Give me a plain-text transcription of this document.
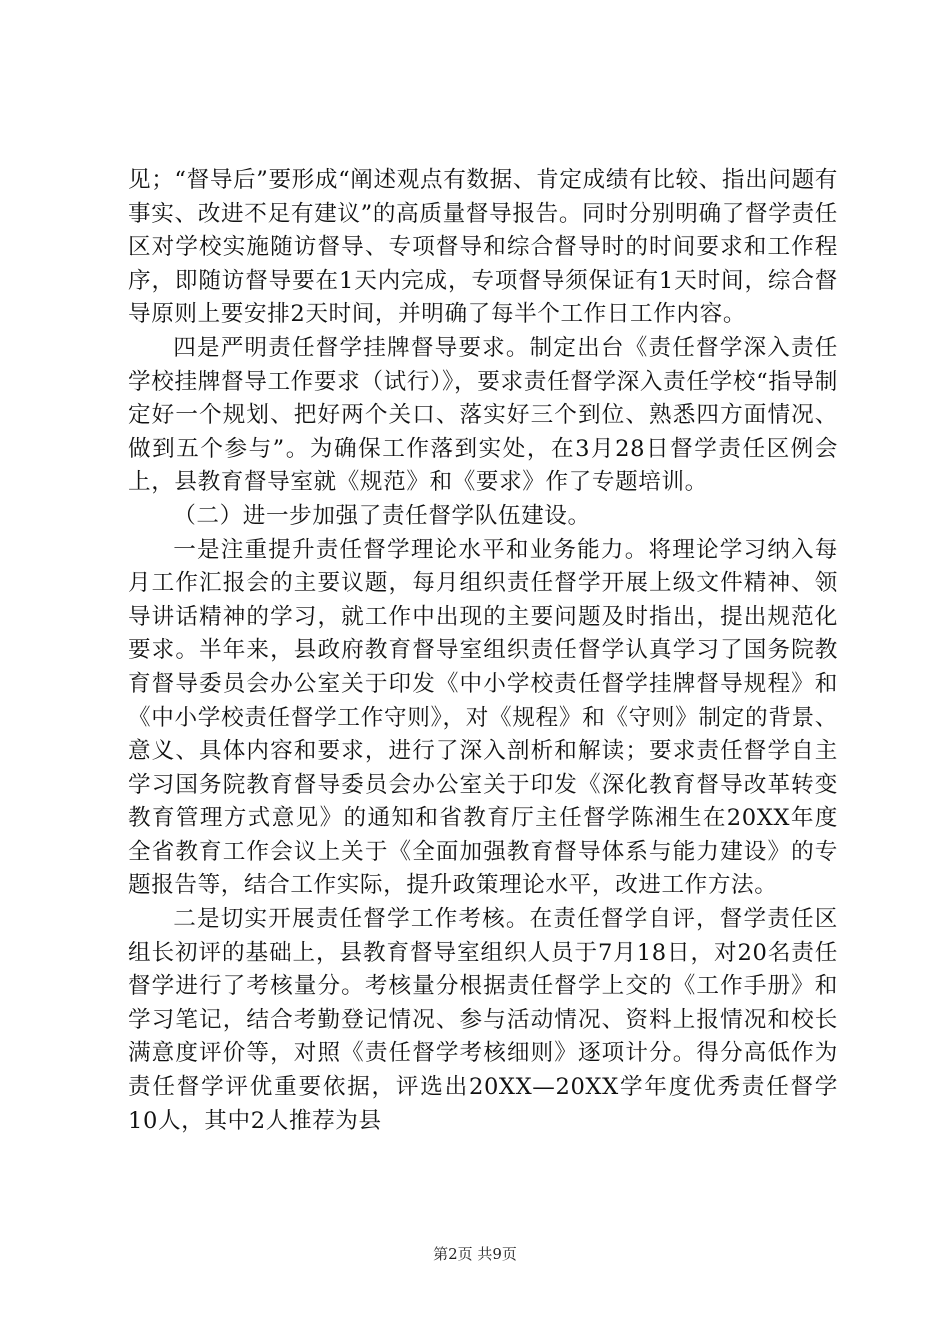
见；“督导后”要形成“阐述观点有数据、肯定成绩有比较、指出问题有事实、改进不足有建议”的高质量督导报告。同时分别明确了督学责任区对学校实施随访督导、专项督导和综合督导时的时间要求和工作程序，即随访督导要在1天内完成，专项督导须保证有1天时间，综合督导原则上要安排2天时间，并明确了每半个工作日工作内容。

四是严明责任督学挂牌督导要求。制定出台《责任督学深入责任学校挂牌督导工作要求（试行）》，要求责任督学深入责任学校“指导制定好一个规划、把好两个关口、落实好三个到位、熟悉四方面情况、做到五个参与”。为确保工作落到实处，在3月28日督学责任区例会上，县教育督导室就《规范》和《要求》作了专题培训。

（二）进一步加强了责任督学队伍建设。

一是注重提升责任督学理论水平和业务能力。将理论学习纳入每月工作汇报会的主要议题，每月组织责任督学开展上级文件精神、领导讲话精神的学习，就工作中出现的主要问题及时指出，提出规范化要求。半年来，县政府教育督导室组织责任督学认真学习了国务院教育督导委员会办公室关于印发《中小学校责任督学挂牌督导规程》和《中小学校责任督学工作守则》，对《规程》和《守则》制定的背景、意义、具体内容和要求，进行了深入剖析和解读；要求责任督学自主学习国务院教育督导委员会办公室关于印发《深化教育督导改革转变教育管理方式意见》的通知和省教育厅主任督学陈湘生在20XX年度全省教育工作会议上关于《全面加强教育督导体系与能力建设》的专题报告等，结合工作实际，提升政策理论水平，改进工作方法。

二是切实开展责任督学工作考核。在责任督学自评，督学责任区组长初评的基础上，县教育督导室组织人员于7月18日，对20名责任督学进行了考核量分。考核量分根据责任督学上交的《工作手册》和学习笔记，结合考勤登记情况、参与活动情况、资料上报情况和校长满意度评价等，对照《责任督学考核细则》逐项计分。得分高低作为责任督学评优重要依据，评选出20XX—20XX学年度优秀责任督学10人，其中2人推荐为县

第2页 共9页
